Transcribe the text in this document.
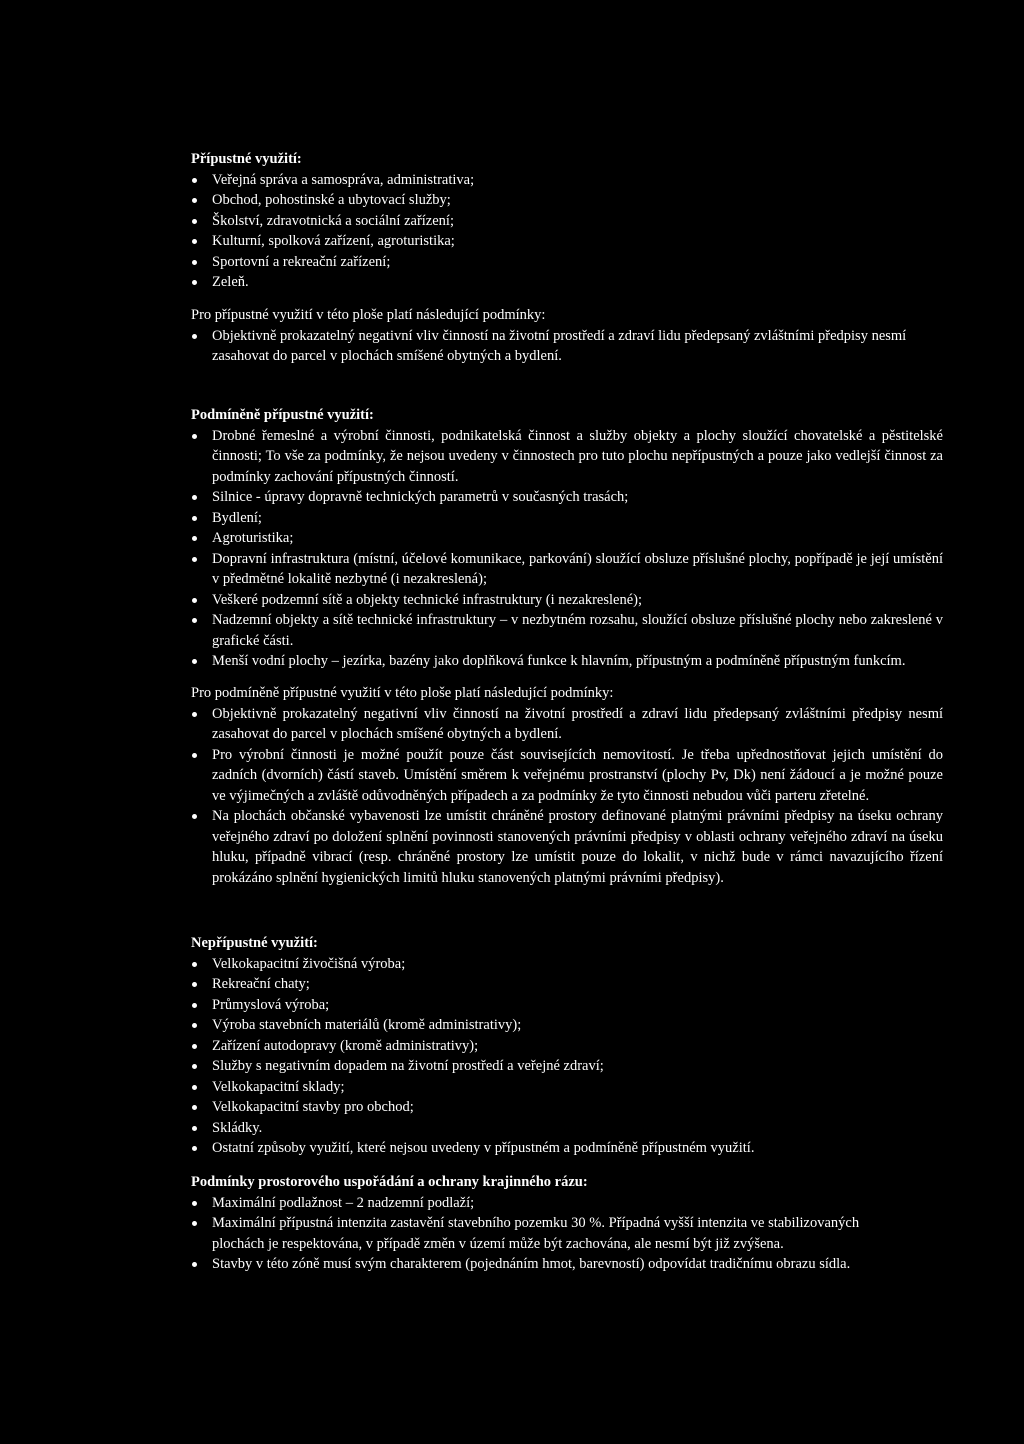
Přípustné využití:

Veřejná správa a samospráva, administrativa;
Obchod, pohostinské a ubytovací služby;
Školství, zdravotnická a sociální zařízení;
Kulturní, spolková zařízení, agroturistika;
Sportovní a rekreační zařízení;
Zeleň.

Pro přípustné využití v této ploše platí následující podmínky:

Objektivně prokazatelný negativní vliv činností na životní prostředí a zdraví lidu předepsaný zvláštními předpisy nesmí zasahovat do parcel v plochách smíšené obytných a bydlení.

Podmíněně přípustné využití:

Drobné řemeslné a výrobní činnosti, podnikatelská činnost a služby objekty a plochy sloužící chovatelské a pěstitelské činnosti; To vše za podmínky, že nejsou uvedeny v činnostech pro tuto plochu nepřípustných a pouze jako vedlejší činnost za podmínky zachování přípustných činností.
Silnice - úpravy dopravně technických parametrů v současných trasách;
Bydlení;
Agroturistika;
Dopravní infrastruktura (místní, účelové komunikace, parkování) sloužící obsluze příslušné plochy, popřípadě je její umístění v předmětné lokalitě nezbytné (i nezakreslená);
Veškeré podzemní sítě a objekty technické infrastruktury (i nezakreslené);
Nadzemní objekty a sítě technické infrastruktury – v nezbytném rozsahu, sloužící obsluze příslušné plochy nebo zakreslené v grafické části.
Menší vodní plochy – jezírka, bazény jako doplňková funkce k hlavním, přípustným a podmíněně přípustným funkcím.

Pro podmíněně přípustné využití v této ploše platí následující podmínky:

Objektivně prokazatelný negativní vliv činností na životní prostředí a zdraví lidu předepsaný zvláštními předpisy nesmí zasahovat do parcel v plochách smíšené obytných a bydlení.
Pro výrobní činnosti je možné použít pouze část souvisejících nemovitostí. Je třeba upřednostňovat jejich umístění do zadních (dvorních) částí staveb. Umístění směrem k veřejnému prostranství (plochy Pv, Dk) není žádoucí a je možné pouze ve výjimečných a zvláště odůvodněných případech a za podmínky že tyto činnosti nebudou vůči parteru zřetelné.
Na plochách občanské vybavenosti lze umístit chráněné prostory definované platnými právními předpisy na úseku ochrany veřejného zdraví po doložení splnění povinnosti stanovených právními předpisy v oblasti ochrany veřejného zdraví na úseku hluku, případně vibrací (resp. chráněné prostory lze umístit pouze do lokalit, v nichž bude v rámci navazujícího řízení prokázáno splnění hygienických limitů hluku stanovených platnými právními předpisy).

Nepřípustné využití:

Velkokapacitní živočišná výroba;
Rekreační chaty;
Průmyslová výroba;
Výroba stavebních materiálů (kromě administrativy);
Zařízení autodopravy (kromě administrativy);
Služby s negativním dopadem na životní prostředí a veřejné zdraví;
Velkokapacitní sklady;
Velkokapacitní stavby pro obchod;
Skládky.
Ostatní způsoby využití, které nejsou uvedeny v přípustném a podmíněně přípustném využití.

Podmínky prostorového uspořádání a ochrany krajinného rázu:

Maximální podlažnost – 2 nadzemní podlaží;
Maximální přípustná intenzita zastavění stavebního pozemku 30 %. Případná vyšší intenzita ve stabilizovaných plochách je respektována, v případě změn v území může být zachována, ale nesmí být již zvýšena.
Stavby v této zóně musí svým charakterem (pojednáním hmot, barevností) odpovídat tradičnímu obrazu sídla.
